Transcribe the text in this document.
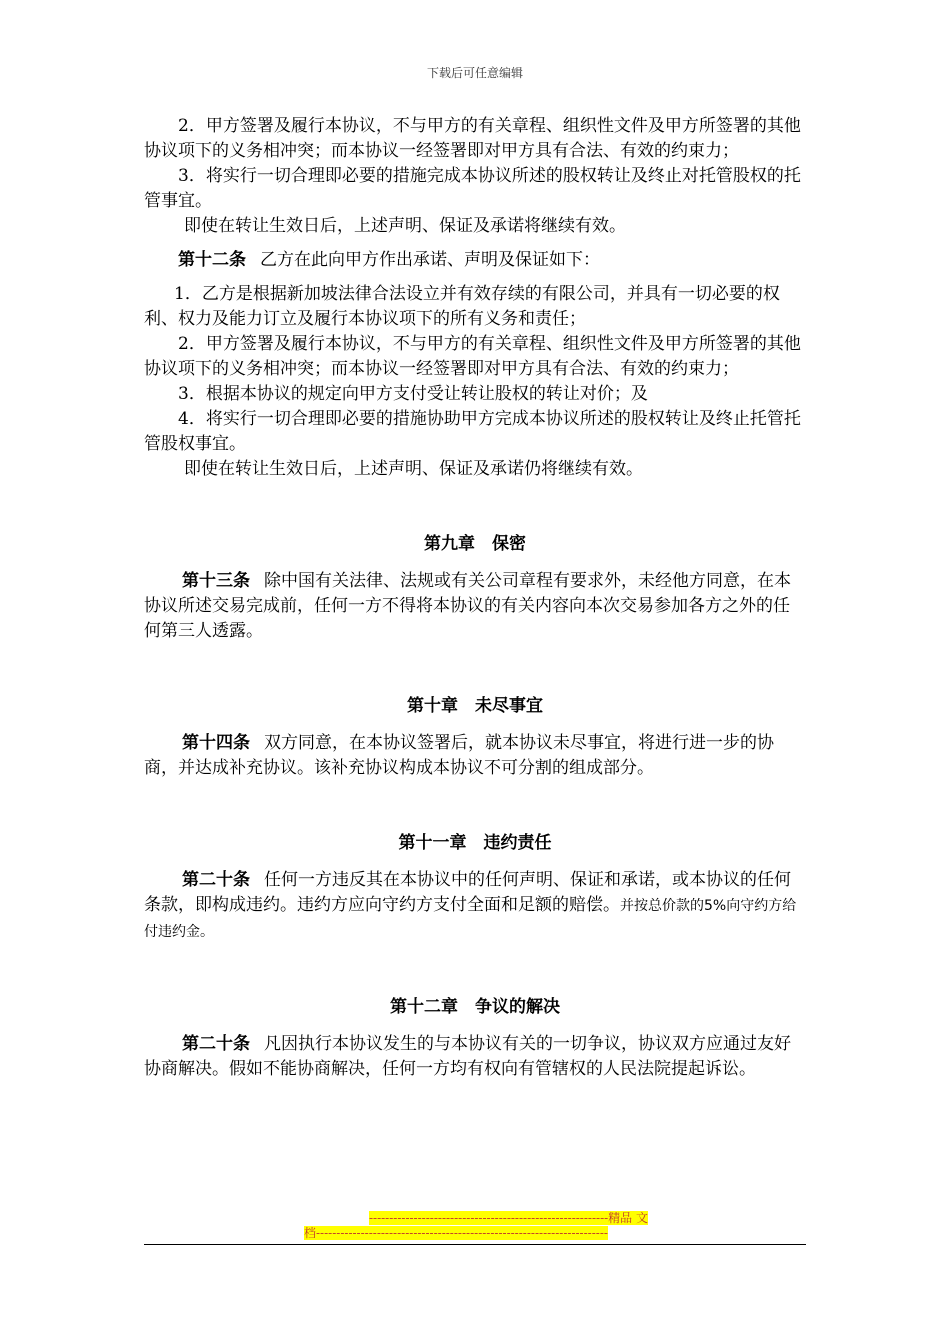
下载后可任意编辑

2．甲方签署及履行本协议，不与甲方的有关章程、组织性文件及甲方所签署的其他协议项下的义务相冲突；而本协议一经签署即对甲方具有合法、有效的约束力；

3．将实行一切合理即必要的措施完成本协议所述的股权转让及终止对托管股权的托管事宜。

即使在转让生效日后，上述声明、保证及承诺将继续有效。

第十二条 乙方在此向甲方作出承诺、声明及保证如下：

1．乙方是根据新加坡法律合法设立并有效存续的有限公司，并具有一切必要的权利、权力及能力订立及履行本协议项下的所有义务和责任；

2．甲方签署及履行本协议，不与甲方的有关章程、组织性文件及甲方所签署的其他协议项下的义务相冲突；而本协议一经签署即对甲方具有合法、有效的约束力；

3．根据本协议的规定向甲方支付受让转让股权的转让对价；及

4．将实行一切合理即必要的措施协助甲方完成本协议所述的股权转让及终止托管托管股权事宜。

即使在转让生效日后，上述声明、保证及承诺仍将继续有效。

第九章　保密

第十三条 除中国有关法律、法规或有关公司章程有要求外，未经他方同意，在本协议所述交易完成前，任何一方不得将本协议的有关内容向本次交易参加各方之外的任何第三人透露。

第十章　未尽事宜

第十四条 双方同意，在本协议签署后，就本协议未尽事宜，将进行进一步的协商，并达成补充协议。该补充协议构成本协议不可分割的组成部分。

第十一章　违约责任

第二十条 任何一方违反其在本协议中的任何声明、保证和承诺，或本协议的任何条款，即构成违约。违约方应向守约方支付全面和足额的赔偿。并按总价款的5%向守约方给付违约金。

第十二章　争议的解决

第二十条 凡因执行本协议发生的与本协议有关的一切争议，协议双方应通过友好协商解决。假如不能协商解决，任何一方均有权向有管辖权的人民法院提起诉讼。

-----------------------------------------------------------精品 文
档------------------------------------------------------------------------
